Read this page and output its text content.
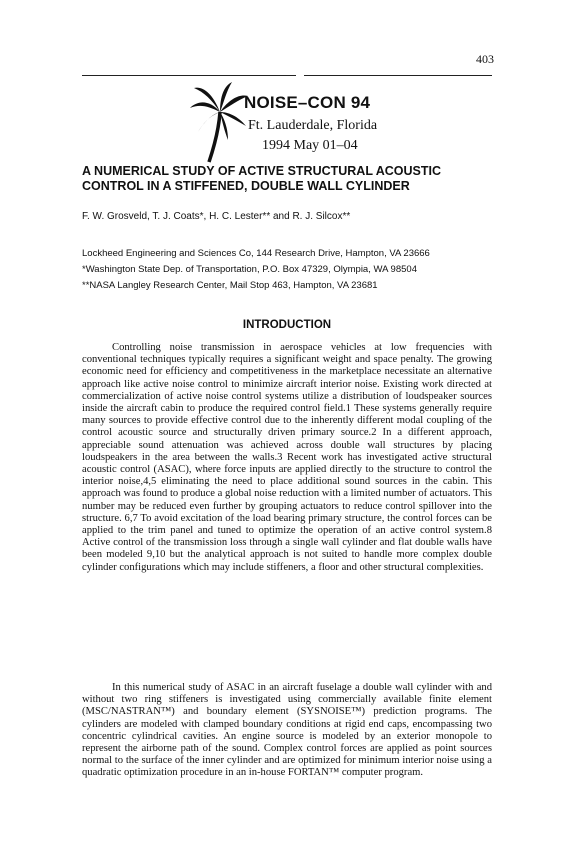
403
NOISE–CON 94
Ft. Lauderdale, Florida
1994 May 01–04
A NUMERICAL STUDY OF ACTIVE STRUCTURAL ACOUSTIC CONTROL IN A STIFFENED, DOUBLE WALL CYLINDER
F. W. Grosveld, T. J. Coats*, H. C. Lester** and R. J. Silcox**
Lockheed Engineering and Sciences Co, 144 Research Drive, Hampton, VA 23666
*Washington State Dep. of Transportation, P.O. Box 47329, Olympia, WA 98504
**NASA Langley Research Center, Mail Stop 463, Hampton, VA 23681
INTRODUCTION

Controlling noise transmission in aerospace vehicles at low frequencies with conventional techniques typically requires a significant weight and space penalty. The growing economic need for efficiency and competitiveness in the marketplace necessitate an alternative approach like active noise control to minimize aircraft interior noise. Existing work directed at commercialization of active noise control systems utilize a distribution of loudspeaker sources inside the aircraft cabin to produce the required control field.1 These systems generally require many sources to provide effective control due to the inherently different modal coupling of the control acoustic source and structurally driven primary source.2 In a different approach, appreciable sound attenuation was achieved across double wall structures by placing loudspeakers in the area between the walls.3 Recent work has investigated active structural acoustic control (ASAC), where force inputs are applied directly to the structure to control the interior noise,4,5 eliminating the need to place additional sound sources in the cabin. This approach was found to produce a global noise reduction with a limited number of actuators. This number may be reduced even further by grouping actuators to reduce control spillover into the structure. 6,7 To avoid excitation of the load bearing primary structure, the control forces can be applied to the trim panel and tuned to optimize the operation of an active control system.8 Active control of the transmission loss through a single wall cylinder and flat double walls have been modeled 9,10 but the analytical approach is not suited to handle more complex double cylinder configurations which may include stiffeners, a floor and other structural complexities.

In this numerical study of ASAC in an aircraft fuselage a double wall cylinder with and without two ring stiffeners is investigated using commercially available finite element (MSC/NASTRAN™) and boundary element (SYSNOISE™) prediction programs. The cylinders are modeled with clamped boundary conditions at rigid end caps, encompassing two concentric cylindrical cavities. An engine source is modeled by an exterior monopole to represent the airborne path of the sound. Complex control forces are applied as point sources normal to the surface of the inner cylinder and are optimized for minimum interior noise using a quadratic optimization procedure in an in-house FORTAN™ computer program.
